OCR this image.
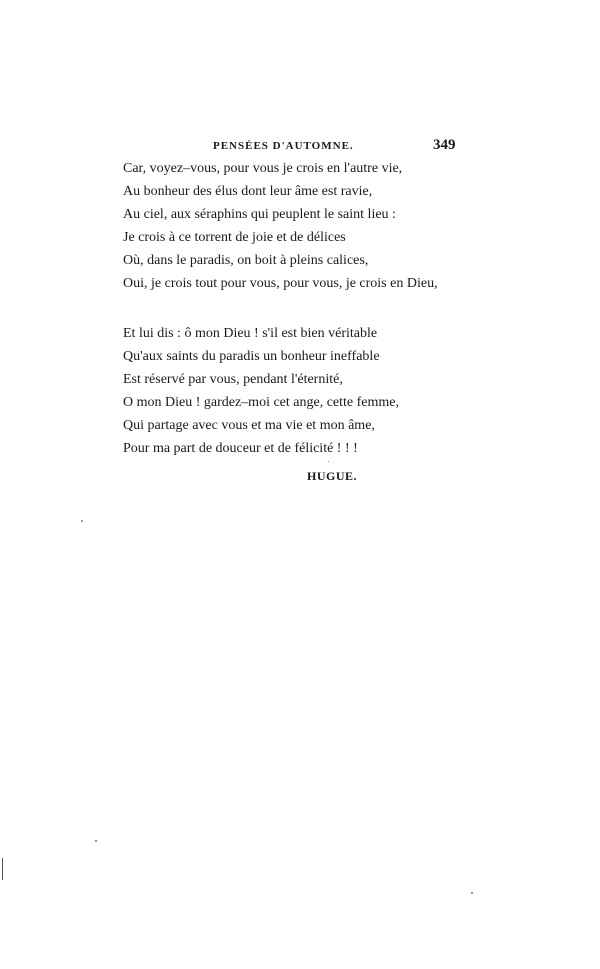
PENSÉES D'AUTOMNE.	349
Car, voyez–vous, pour vous je crois en l'autre vie,
Au bonheur des élus dont leur âme est ravie,
Au ciel, aux séraphins qui peuplent le saint lieu :
Je crois à ce torrent de joie et de délices
Où, dans le paradis, on boit à pleins calices,
Oui, je crois tout pour vous, pour vous, je crois en Dieu,
Et lui dis : ô mon Dieu ! s'il est bien véritable
Qu'aux saints du paradis un bonheur ineffable
Est réservé par vous, pendant l'éternité,
O mon Dieu ! gardez–moi cet ange, cette femme,
Qui partage avec vous et ma vie et mon âme,
Pour ma part de douceur et de félicité ! ! !
HUGUE.
